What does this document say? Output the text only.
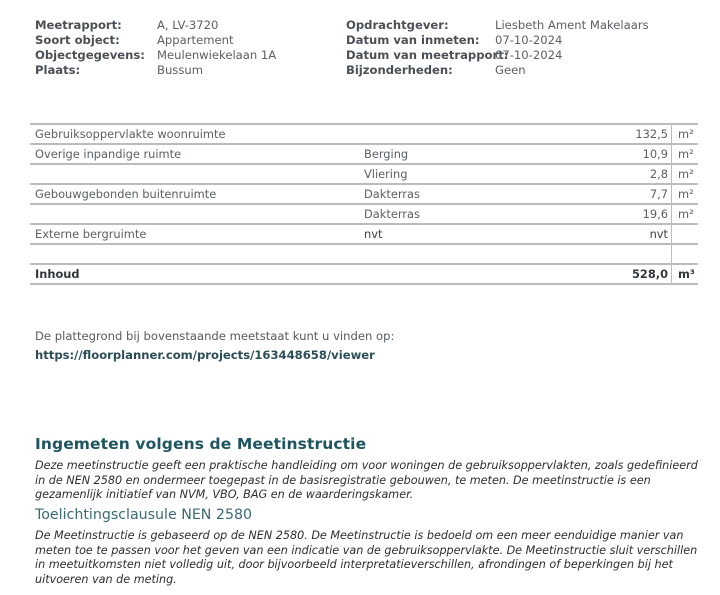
Meetrapport:	A, LV-3720
Soort object:	Appartement
Objectgegevens:	Meulenwiekelaan 1A
Plaats:	Bussum
Opdrachtgever:	Liesbeth Ament Makelaars
Datum van inmeten:	07-10-2024
Datum van meetrapport:
07-10-2024
Bijzonderheden:	Geen
Gebruiksoppervlakte woonruimte	132,5 m²
Overige inpandige ruimte	Berging	10,9 m²
Vliering	2,8 m²
Gebouwgebonden buitenruimte	Dakterras	7,7 m²
Dakterras	19,6 m²
Externe bergruimte	nvt	nvt
Inhoud	528,0 m³
De plattegrond bij bovenstaande meetstaat kunt u vinden op:
https://floorplanner.com/projects/163448658/viewer
Ingemeten volgens de Meetinstructie
Deze meetinstructie geeft een praktische handleiding om voor woningen de gebruiksoppervlakten, zoals gedefinieerd in de NEN 2580 en ondermeer toegepast in de basisregistratie gebouwen, te meten. De meetinstructie is een gezamenlijk initiatief van NVM, VBO, BAG en de waarderingskamer.
Toelichtingsclausule NEN 2580
De Meetinstructie is gebaseerd op de NEN 2580. De Meetinstructie is bedoeld om een meer eenduidige manier van meten toe te passen voor het geven van een indicatie van de gebruiksoppervlakte. De Meetinstructie sluit verschillen in meetuitkomsten niet volledig uit, door bijvoorbeeld interpretatieverschillen, afrondingen of beperkingen bij het uitvoeren van de meting.
